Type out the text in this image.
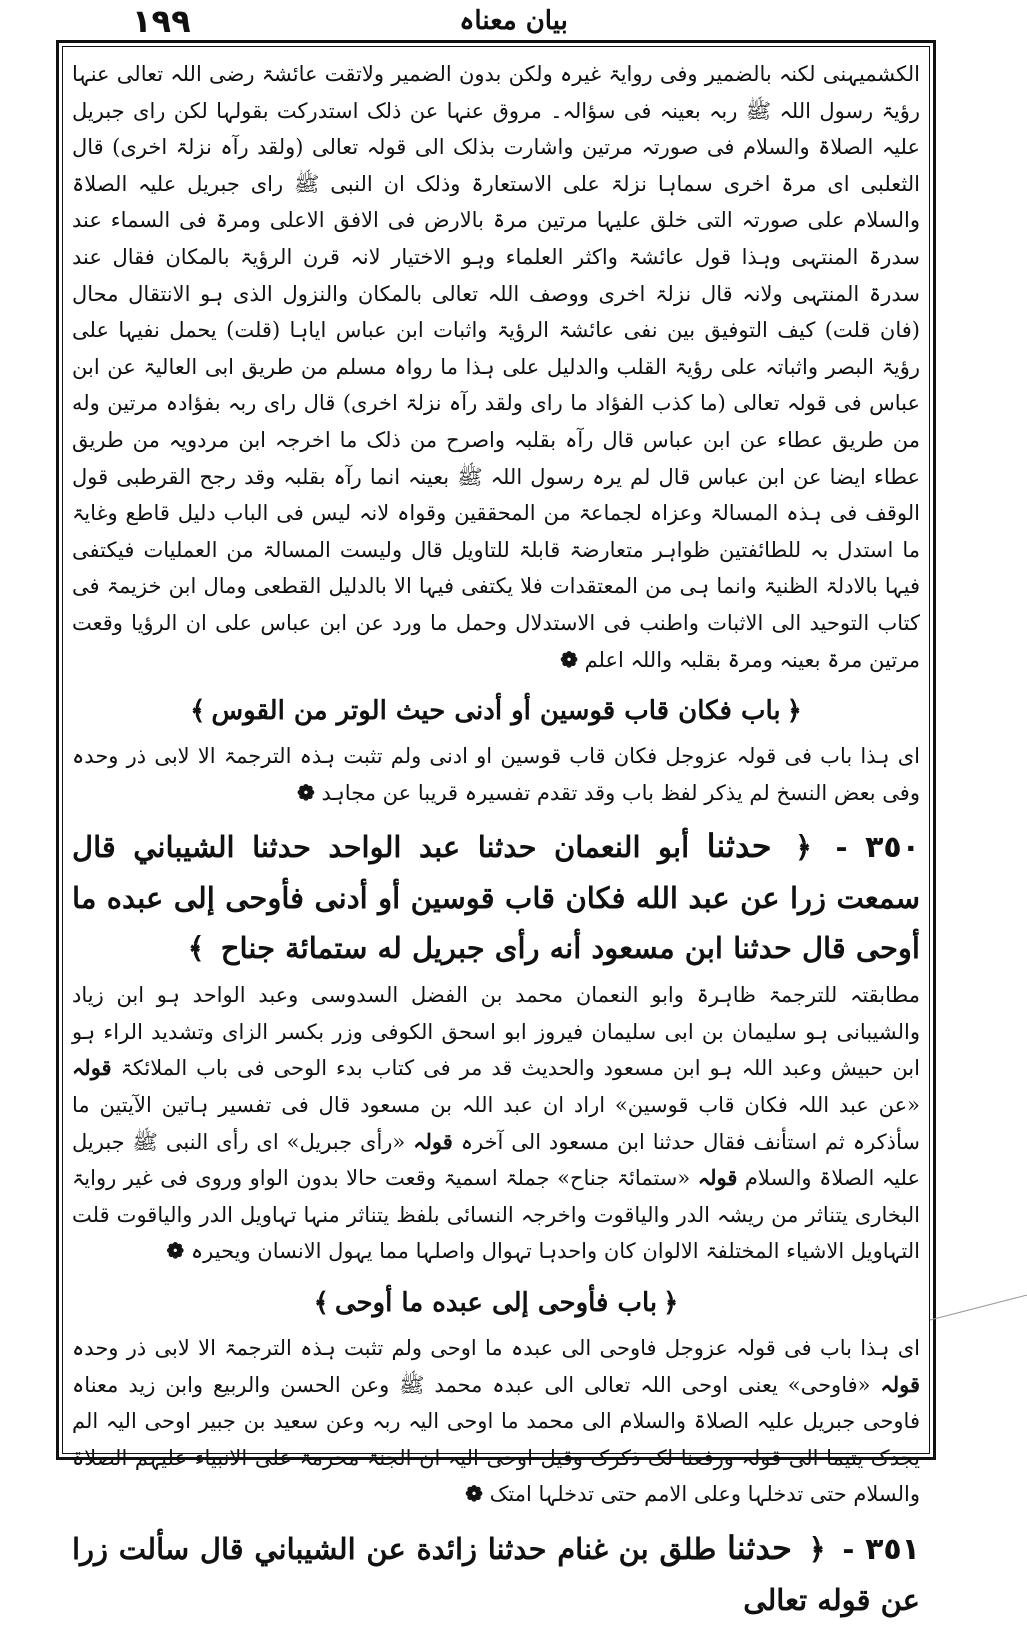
١٩٩	بیان معناہ

الکشمیہنی لکنہ بالضمیر وفی روایۃ غیرہ ولکن بدون الضمیر ولاتقت عائشۃ رضی اللہ تعالی عنہا رؤیۃ رسول اللہ ﷺ ربہ بعینہ فی سؤالہ۔ مروق عنہا عن ذلک استدرکت بقولہا لکن رای جبریل علیہ الصلاۃ والسلام فی صورتہ مرتین واشارت بذلک الی قولہ تعالی (ولقد رآہ نزلۃ اخری) قال الثعلبی ای مرۃ اخری سماہا نزلۃ علی الاستعارۃ وذلک ان النبی ﷺ رای جبریل علیہ الصلاۃ والسلام علی صورتہ التی خلق علیہا مرتین مرۃ بالارض فی الافق الاعلی ومرۃ فی السماء عند سدرۃ المنتہی وہذا قول عائشۃ واکثر العلماء وہو الاختیار لانہ قرن الرؤیۃ بالمکان فقال عند سدرۃ المنتہی ولانہ قال نزلۃ اخری ووصف اللہ تعالی بالمکان والنزول الذی ہو الانتقال محال (فان قلت) کیف التوفیق بین نفی عائشۃ الرؤیۃ واثبات ابن عباس ایاہا (قلت) یحمل نفیہا علی رؤیۃ البصر واثباتہ علی رؤیۃ القلب والدلیل علی ہذا ما رواہ مسلم من طریق ابی العالیۃ عن ابن عباس فی قولہ تعالی (ما کذب الفؤاد ما رای ولقد رآہ نزلۃ اخری) قال رای ربہ بفؤادہ مرتین وله من طریق عطاء عن ابن عباس قال رآہ بقلبہ واصرح من ذلک ما اخرجہ ابن مردویہ من طریق عطاء ایضا عن ابن عباس قال لم یرہ رسول اللہ ﷺ بعینہ انما رآہ بقلبہ وقد رجح القرطبی قول الوقف فی ہذہ المسالۃ وعزاہ لجماعۃ من المحققین وقواہ لانہ لیس فی الباب دلیل قاطع وغایۃ ما استدل بہ للطائفتین ظواہر متعارضۃ قابلۃ للتاویل قال ولیست المسالۃ من العملیات فیکتفی فیہا بالادلۃ الظنیۃ وانما ہی من المعتقدات فلا یکتفی فیہا الا بالدلیل القطعی ومال ابن خزیمۃ فی کتاب التوحید الی الاثبات واطنب فی الاستدلال وحمل ما ورد عن ابن عباس علی ان الرؤیا وقعت مرتین مرۃ بعینہ ومرۃ بقلبہ واللہ اعلم ❁

﴿باب فكان قاب قوسين أو أدنى حيث الوتر من القوس﴾

ای ہذا باب فی قولہ عزوجل فکان قاب قوسین او ادنی ولم تثبت ہذہ الترجمۃ الا لابی ذر وحدہ وفی بعض النسخ لم یذکر لفظ باب وقد تقدم تفسیرہ قریبا عن مجاہد ❁

٣٥٠ - ﴿ حدثنا أبو النعمان حدثنا عبد الواحد حدثنا الشيباني قال سمعت زرا عن عبد الله فكان قاب قوسين أو أدنى فأوحى إلى عبده ما أوحى قال حدثنا ابن مسعود أنه رأى جبريل له ستمائة جناح ﴾

مطابقتہ للترجمۃ ظاہرۃ وابو النعمان محمد بن الفضل السدوسی وعبد الواحد ہو ابن زیاد والشیبانی ہو سلیمان بن ابی سلیمان فیروز ابو اسحق الکوفی وزر بکسر الزای وتشدید الراء ہو ابن حبیش وعبد اللہ ہو ابن مسعود والحدیث قد مر فی کتاب بدء الوحی فی باب الملائکۃ قولہ «عن عبد اللہ فکان قاب قوسین» اراد ان عبد اللہ بن مسعود قال فی تفسیر ہاتین الآیتین ما سأذکرہ ثم استأنف فقال حدثنا ابن مسعود الی آخرہ قولہ «رأی جبریل» ای رأی النبی ﷺ جبریل علیہ الصلاۃ والسلام قولہ «ستمائۃ جناح» جملۃ اسمیۃ وقعت حالا بدون الواو وروی فی غیر روایۃ البخاری یتناثر من ریشہ الدر والیاقوت واخرجہ النسائی بلفظ یتناثر منہا تہاویل الدر والیاقوت قلت التہاویل الاشیاء المختلفۃ الالوان کان واحدہا تہوال واصلہا مما یہول الانسان ویحیرہ ❁

﴿باب فأوحى إلى عبده ما أوحى﴾

ای ہذا باب فی قولہ عزوجل فاوحی الی عبدہ ما اوحی ولم تثبت ہذہ الترجمۃ الا لابی ذر وحدہ قولہ «فاوحی» یعنی اوحی اللہ تعالی الی عبدہ محمد ﷺ وعن الحسن والربیع وابن زید معناہ فاوحی جبریل علیہ الصلاۃ والسلام الی محمد ما اوحی الیہ ربہ وعن سعید بن جبیر اوحی الیہ الم یجدک یتیما الی قولہ ورفعنا لک ذکرک وقیل اوحی الیہ ان الجنۃ محرمۃ علی الانبیاء علیہم الصلاۃ والسلام حتی تدخلہا وعلی الامم حتی تدخلہا امتک ❁

٣٥١ - ﴿ حدثنا طلق بن غنام حدثنا زائدة عن الشيباني قال سألت زرا عن قوله تعالى
